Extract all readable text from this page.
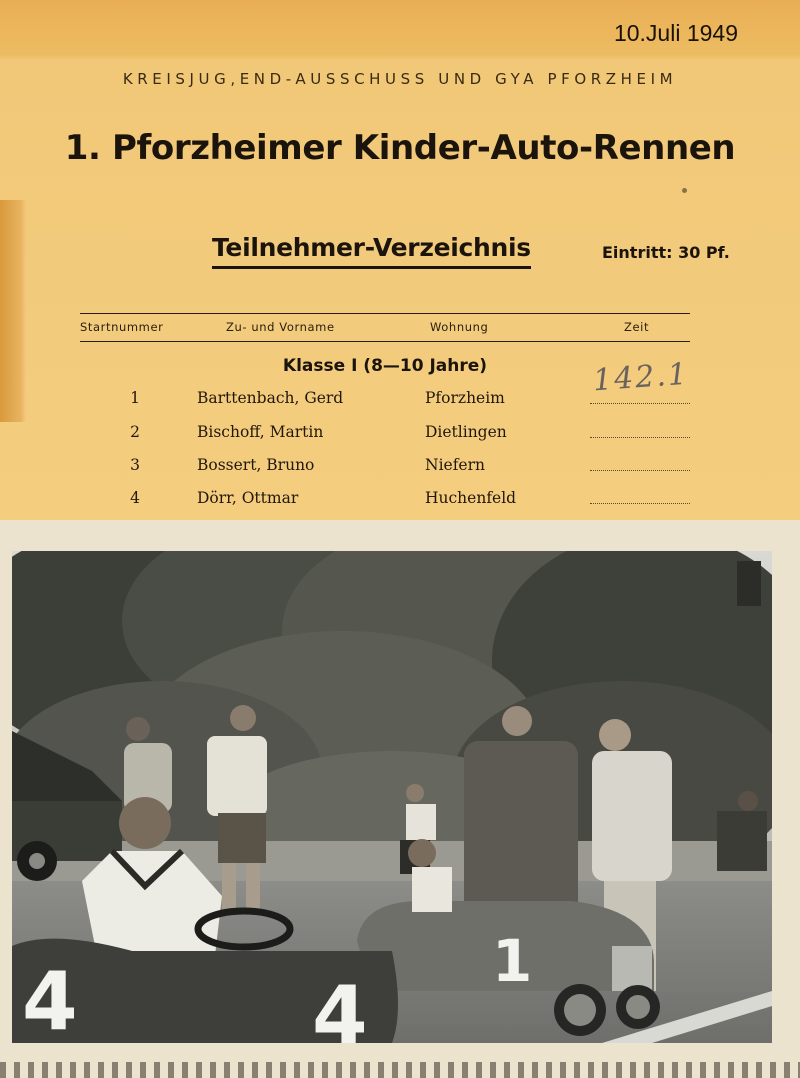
10.Juli 1949
KREISJUG,END-AUSSCHUSS UND GYA PFORZHEIM
1. Pforzheimer Kinder-Auto-Rennen
Teilnehmer-Verzeichnis	Eintritt: 30 Pf.
Startnummer	Zu- und Vorname	Wohnung	Zeit
Klasse I (8—10 Jahre)	142.1
1	Barttenbach, Gerd	Pforzheim
2	Bischoff, Martin	Dietlingen
3	Bossert, Bruno	Niefern
4	Dörr, Ottmar	Huchenfeld
1
4	4
